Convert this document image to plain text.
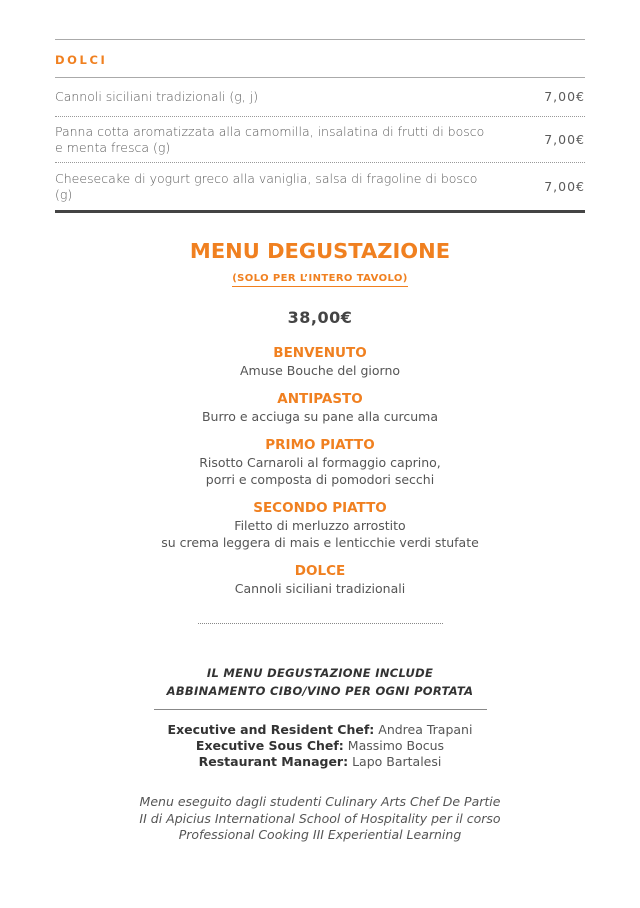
DOLCI
Cannoli siciliani tradizionali (g, j)	7,00€
Panna cotta aromatizzata alla camomilla, insalatina di frutti di bosco e menta fresca (g)
7,00€
Cheesecake di yogurt greco alla vaniglia, salsa di fragoline di bosco (g)
7,00€
MENU DEGUSTAZIONE
(SOLO PER L’INTERO TAVOLO)
38,00€
BENVENUTO
Amuse Bouche del giorno
ANTIPASTO
Burro e acciuga su pane alla curcuma
PRIMO PIATTO
Risotto Carnaroli al formaggio caprino,
porri e composta di pomodori secchi
SECONDO PIATTO
Filetto di merluzzo arrostito
su crema leggera di mais e lenticchie verdi stufate
DOLCE
Cannoli siciliani tradizionali
IL MENU DEGUSTAZIONE INCLUDE
ABBINAMENTO CIBO/VINO PER OGNI PORTATA
Executive and Resident Chef: Andrea Trapani
Executive Sous Chef: Massimo Bocus
Restaurant Manager: Lapo Bartalesi
Menu eseguito dagli studenti Culinary Arts Chef De Partie
II di Apicius International School of Hospitality per il corso
Professional Cooking III Experiential Learning
